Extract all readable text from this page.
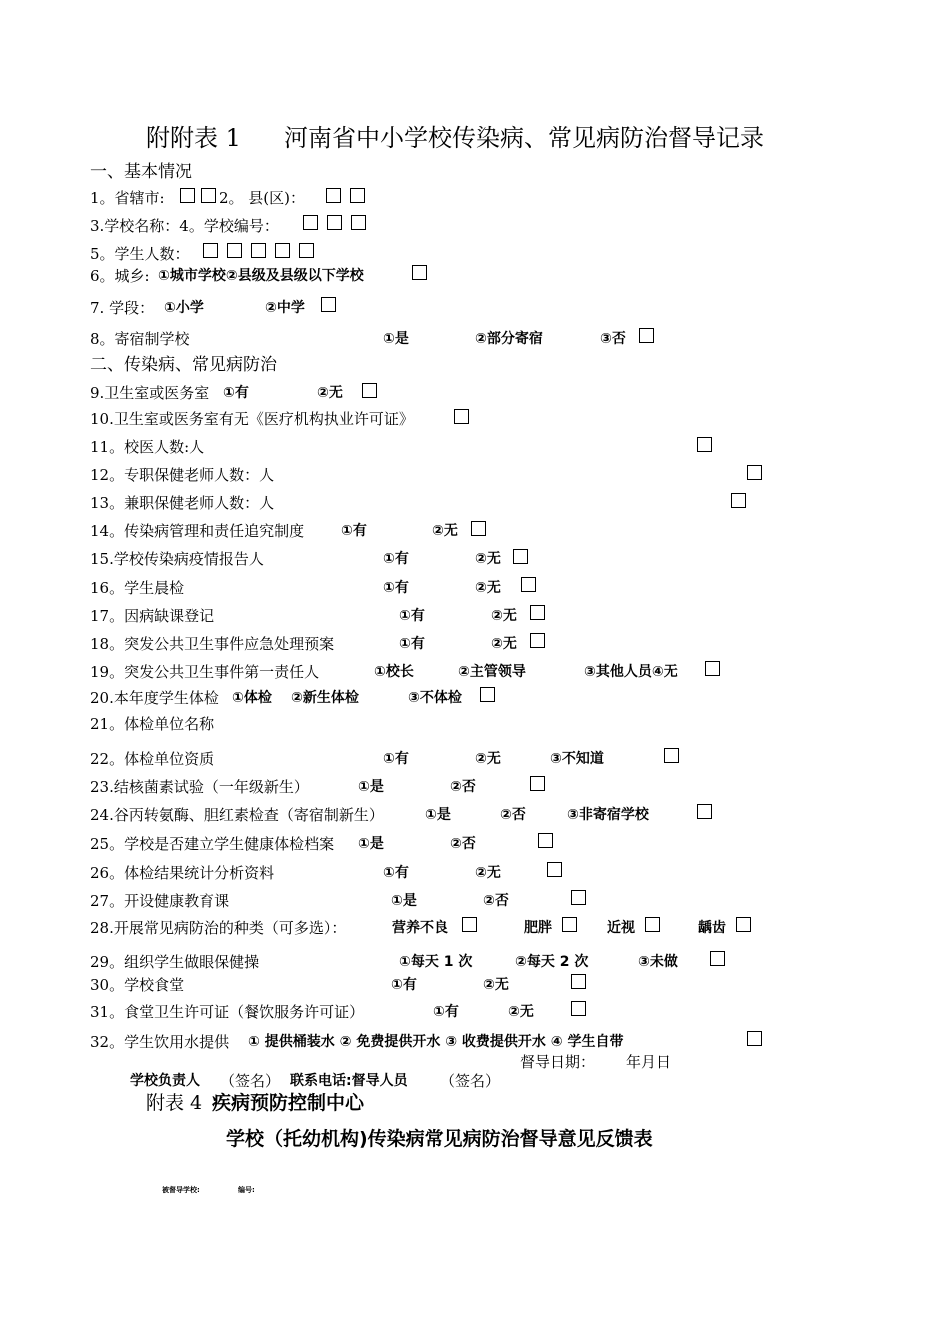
附附表 1 河南省中小学校传染病、常见病防治督导记录
一、基本情况
1。省辖市:	2。 县(区)：
3.学校名称：4。学校编号：
5。学生人数：
6。城乡: ①城市学校②县级及县级以下学校
7. 学段： ①小学	②中学
8。寄宿制学校	①是	②部分寄宿	③否
二、传染病、常见病防治
9.卫生室或医务室 ①有	②无
10.卫生室或医务室有无《医疗机构执业许可证》
11。校医人数:人
12。专职保健老师人数：人
13。兼职保健老师人数：人
14。传染病管理和责任追究制度	①有	②无
15.学校传染病疫情报告人	①有	②无
16。学生晨检	①有	②无
17。因病缺课登记	①有	②无
18。突发公共卫生事件应急处理预案	①有	②无
19。突发公共卫生事件第一责任人	①校长	②主管领导	③其他人员④无
20.本年度学生体检 ①体检 ②新生体检	③不体检
21。体检单位名称
22。体检单位资质	①有	②无	③不知道
23.结核菌素试验（一年级新生）	①是	②否
24.谷丙转氨酶、胆红素检查（寄宿制新生）	①是	②否	③非寄宿学校
25。学校是否建立学生健康体检档案 ①是	②否
26。体检结果统计分析资料	①有	②无
27。开设健康教育课	①是	②否
28.开展常见病防治的种类（可多选）：	营养不良	肥胖	近视	龋齿
29。组织学生做眼保健操	①每天 1 次	②每天 2 次	③未做
30。学校食堂	①有	②无
31。食堂卫生许可证（餐饮服务许可证）	①有	②无
32。学生饮用水提供 ① 提供桶装水 ② 免费提供开水 ③ 收费提供开水 ④ 学生自带
督导日期： 年月日
学校负责人 （签名） 联系电话:督导人员 （签名）
附表 4 疾病预防控制中心
学校（托幼机构)传染病常见病防治督导意见反馈表
被督导学校:	编号:
